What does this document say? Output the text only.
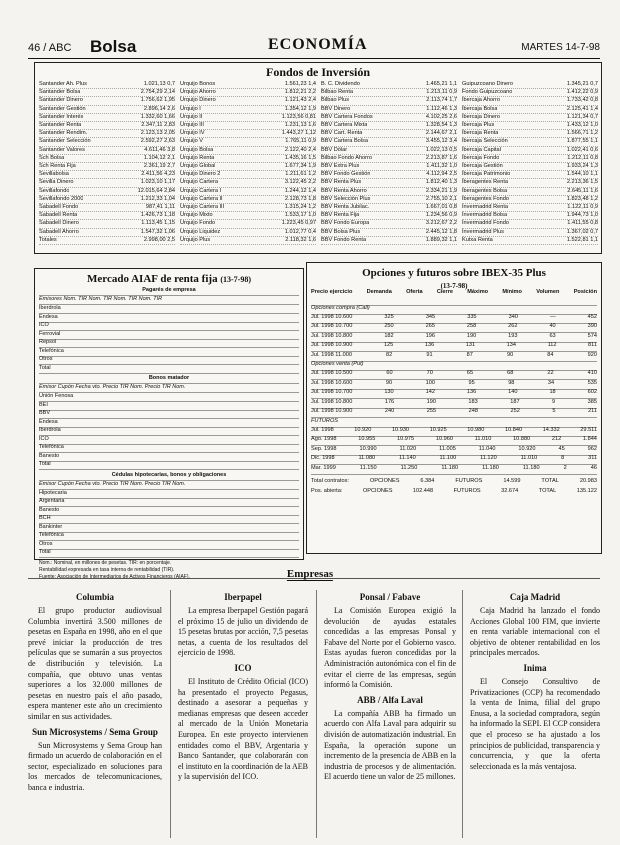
46 / ABC Bolsa	ECONOMÍA	MARTES 14-7-98
Fondos de Inversión
Santander Ah. Plus	1.021,13 0,7
Santander Bolsa	2.754,29 2,14
Santander Dinero	1.756,62 1,95
Santander Gestión	2.896,14 2,6
Santander Interés	1.332,60 1,66
Santander Renta	2.347,11 2,83
Santander Rendim.	2.123,13 2,05
Santander Selección	2.592,27 2,63
Santander Valores	4.611,46 3,8
Sch Bolsa	1.104,12 2,1
Sch Renta Fija	2.361,19 2,7
Sevillabolsa	2.411,56 4,23
Sevilla Dinero	1.023,10 1,17
Sevillafondo	12.015,64 2,84
Sevillafondo 2000	1.212,33 1,04
Sabadell Fondo	987,41 1,11
Sabadell Renta	1.426,73 1,18
Sabadell Dinero	1.113,45 1,15
Sabadell Ahorro	1.547,32 1,06
Totales	2.998,00 2,5
Urquijo Bonos	1.561,23 1,4
Urquijo Ahorro	1.812,21 2,2
Urquijo Dinero	1.121,43 2,4
Urquijo I	1.354,12 1,9
Urquijo II	1.123,56 0,81
Urquijo III	1.231,13 1,6
Urquijo IV	1.443,27 1,12
Urquijo V	1.765,11 0,9
Urquijo Bolsa	2.122,40 2,4
Urquijo Renta	1.435,16 1,5
Urquijo Global	1.677,34 1,9
Urquijo Dinero 2	1.211,61 1,2
Urquijo Cartera	3.122,45 2,2
Urquijo Cartera I	1.244,12 1,4
Urquijo Cartera II	2.128,73 1,8
Urquijo Cartera III	1.315,24 1,2
Urquijo Mixto	1.533,17 1,0
Urquijo Fondo	1.223,45 0,97
Urquijo Liquidez	1.012,77 0,4
Urquijo Plus	2.118,32 1,6
B. C. Dividendo	1.465,21 1,1
Bilbao Renta	1.213,11 0,9
Bilbao Plus	2.113,74 1,7
BBV Dinero	1.112,46 1,3
BBV Cartera Fondos	4.102,25 2,6
BBV Cartera Mixta	1.328,54 1,3
BBV Cart. Renta	2.144,67 2,1
BBV Cartera Bolsa	3.455,12 3,4
BBV Dólar	1.022,13 0,5
Bilbao Fondo Ahorro	2.213,87 1,6
BBV Extra Plus	1.411,32 1,0
BBV Fondo Gestión	4.112,94 2,5
BBV Renta Plus	1.812,40 1,3
BBV Renta Ahorro	2.334,21 1,9
BBV Selección Plus	2.755,10 2,1
BBV Renta Jubilac.	1.667,01 0,8
BBV Renta Fija	1.234,56 0,9
BBV Fondo Europa	3.212,67 2,2
BBV Bolsa Plus	2.445,12 1,8
BBV Fondo Renta	1.889,32 1,1
Guipuzcoano Dinero	1.345,21 0,7
Fondo Guipuzcoano	1.412,22 0,9
Ibercaja Ahorro	1.733,42 0,8
Ibercaja Bolsa	2.125,41 1,4
Ibercaja Dinero	1.121,34 0,7
Ibercaja Plus	1.433,12 1,0
Ibercaja Renta	1.566,71 1,2
Ibercaja Selección	1.877,55 1,1
Ibercaja Capital	1.022,41 0,6
Ibercaja Fondo	1.212,11 0,8
Ibercaja Gestión	1.933,24 1,3
Ibercaja Patrimonio	1.544,10 1,1
Iberagentes Renta	2.213,36 1,5
Iberagentes Bolsa	2.645,11 1,6
Iberagentes Fondo	1.823,48 1,2
Invermadrid Renta	1.122,11 0,9
Invermadrid Bolsa	1.944,73 1,0
Invermadrid Fondo	1.411,55 0,8
Invermadrid Plus	1.367,02 0,7
Kutxa Renta	1.522,81 1,1
Mercado AIAF de renta fija (13-7-98)
Pagarés de empresa
Emisores Nom. TIR Nom. TIR Nom. TIR Nom. TIR
Iberdrola
Endesa
ICO
Ferrovial
Repsol
Telefónica
Otros
Total
Bonos matador
Emisor Cupón Fecha vto. Precio TIR Nom. Precio TIR Nom.
Unión Fenosa
BEI
BBV
Endesa
Iberdrola
ICO
Telefónica
Banesto
Total
Cédulas hipotecarias, bonos y obligaciones
Emisor Cupón Fecha vto. Precio TIR Nom. Precio TIR Nom.
Hipotecaria
Argentaria
Banesto
BCH
Bankinter
Telefónica
Otros
Total
Nom.: Nominal, en millones de pesetas. TIR: en porcentaje.
Rentabilidad expresada en tasa interna de rentabilidad (TIR).
Fuente: Asociación de Intermediarios de Activos Financieros (AIAF).
Opciones y futuros sobre IBEX-35 Plus
(13-7-98)
Precio ejercicio	Demanda	Oferta	Cierre	Máximo	Mínimo	Volumen	Posición
Opciones compra (Call)
Jul. 1998 10.600	325	345	335	340	—	452
Jul. 1998 10.700	250	265	258	262	40	390
Jul. 1998 10.800	182	196	190	193	63	574
Jul. 1998 10.900	125	136	131	134	112	811
Jul. 1998 11.000	82	91	87	90	84	920
Opciones venta (Put)
Jul. 1998 10.500	60	70	65	68	22	410
Jul. 1998 10.600	90	100	95	98	34	535
Jul. 1998 10.700	130	142	136	140	18	602
Jul. 1998 10.800	176	190	183	187	9	385
Jul. 1998 10.900	240	255	248	252	5	211
FUTUROS
Jul. 1998	10.920	10.930	10.925	10.980	10.840	14.332	29.511
Ago. 1998	10.955	10.975	10.960	11.010	10.880	212	1.844
Sep. 1998	10.990	11.020	11.005	11.040	10.920	45	962
Dic. 1998	11.080	11.140	11.100	11.120	11.010	8	311
Mar. 1999	11.150	11.250	11.180	11.180	11.180	2	46
Total contratos:	OPCIONES	6.384	FUTUROS	14.599	TOTAL	20.983
Pos. abierta:	OPCIONES	102.448	FUTUROS	32.674	TOTAL	135.122
Empresas
Columbia

El grupo productor audiovisual Columbia invertirá 3.500 millones de pesetas en España en 1998, año en el que prevé iniciar la producción de tres películas que se sumarán a sus proyectos de distribución y televisión. La compañía, que obtuvo unas ventas superiores a los 32.000 millones de pesetas en nuestro país el año pasado, espera mantener este año un crecimiento similar en sus actividades.

Sun Microsystems / Sema Group

Sun Microsystems y Sema Group han firmado un acuerdo de colaboración en el sector, especializado en soluciones para los mercados de telecomunicaciones, banca e industria.

Iberpapel

La empresa Iberpapel Gestión pagará el próximo 15 de julio un dividendo de 15 pesetas brutas por acción, 7,5 pesetas netas, a cuenta de los resultados del ejercicio de 1998.

ICO

El Instituto de Crédito Oficial (ICO) ha presentado el proyecto Pegasus, destinado a asesorar a pequeñas y medianas empresas que deseen acceder al mercado de la Unión Monetaria Europea. En este proyecto intervienen entidades como el BBV, Argentaria y Banco Santander, que colaborarán con el instituto en la coordinación de la AEB y la supervisión del ICO.

Ponsal / Fabave

La Comisión Europea exigió la devolución de ayudas estatales concedidas a las empresas Ponsal y Fabave del Norte por el Gobierno vasco. Estas ayudas fueron concedidas por la Administración autonómica con el fin de evitar el cierre de las empresas, según informó la Comisión.

ABB / Alfa Laval

La compañía ABB ha firmado un acuerdo con Alfa Laval para adquirir su división de automatización industrial. En España, la operación supone un incremento de la presencia de ABB en la industria de procesos y de alimentación. El acuerdo tiene un valor de 25 millones.

Caja Madrid

Caja Madrid ha lanzado el fondo Acciones Global 100 FIM, que invierte en renta variable internacional con el objetivo de obtener rentabilidad en los principales mercados.

Inima

El Consejo Consultivo de Privatizaciones (CCP) ha recomendado la venta de Inima, filial del grupo Enusa, a la sociedad compradora, según ha informado la SEPI. El CCP considera que el proceso se ha ajustado a los principios de publicidad, transparencia y concurrencia, y que la oferta seleccionada es la más ventajosa.
